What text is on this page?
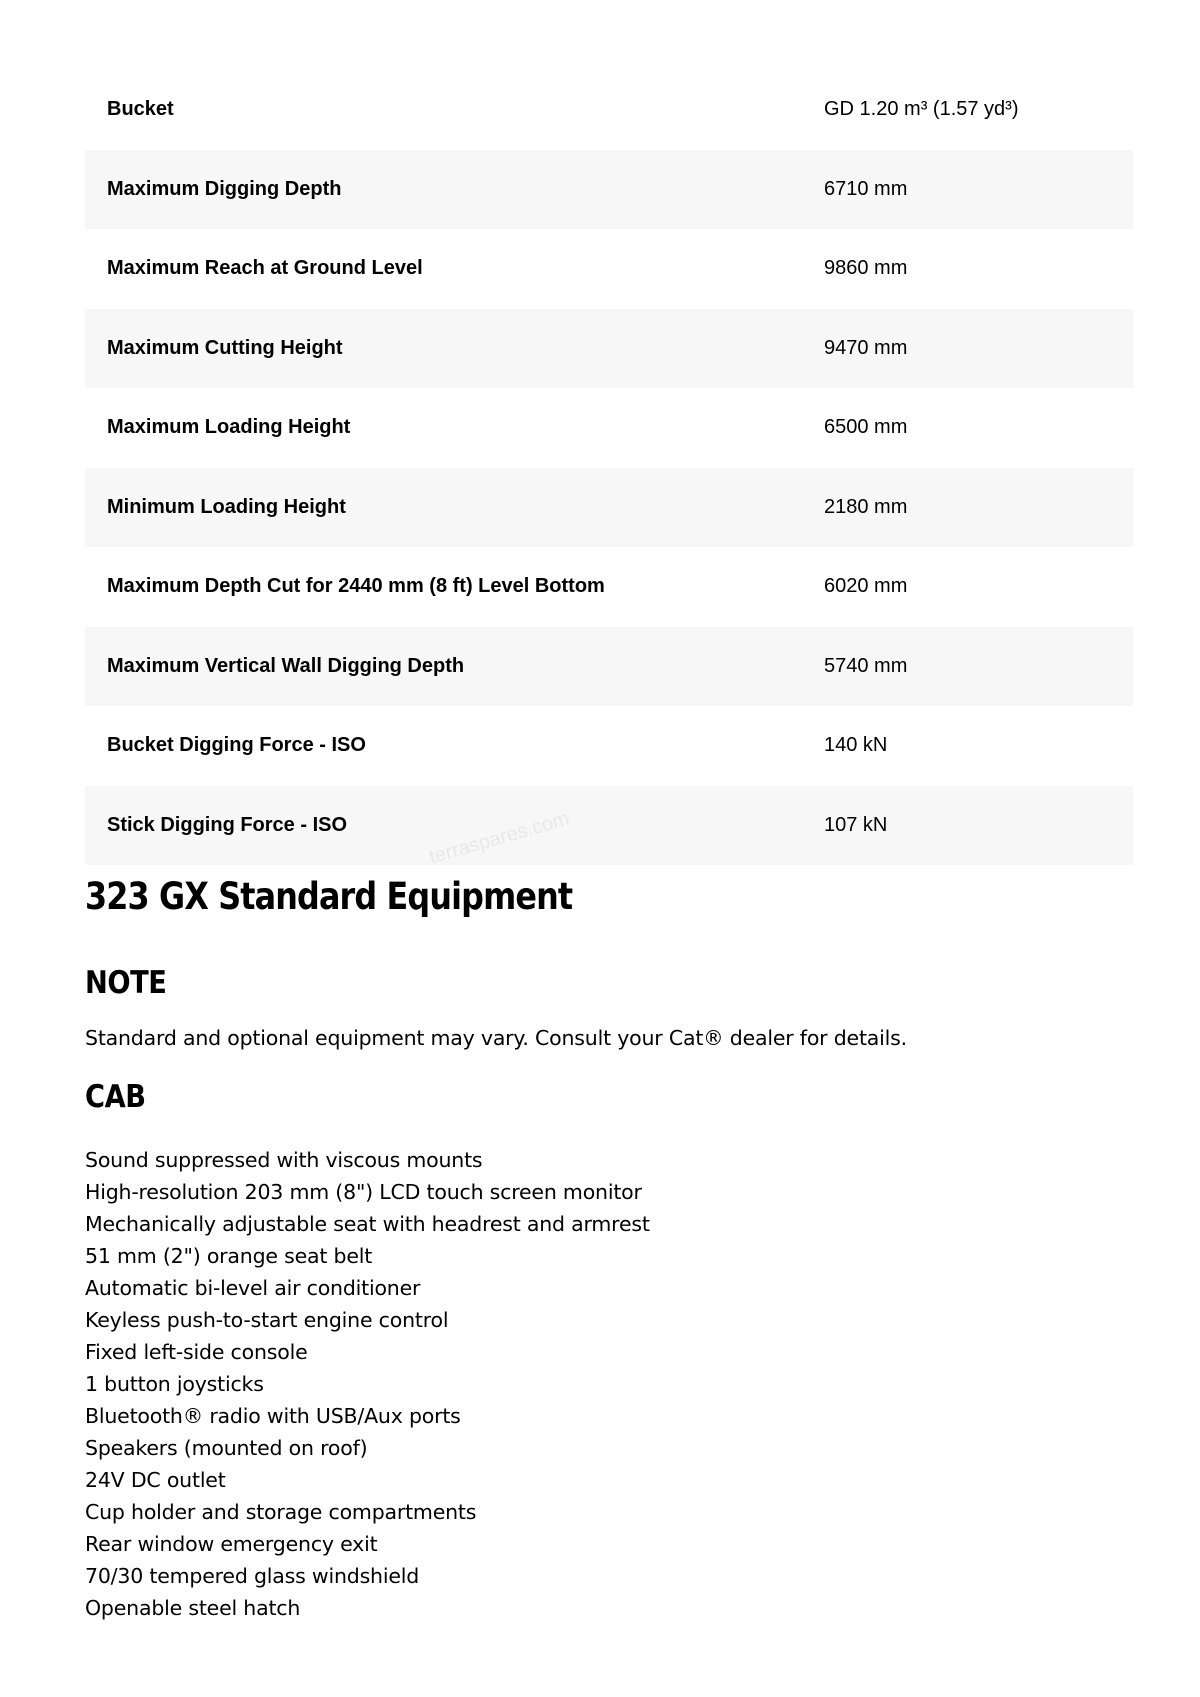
Bucket	GD 1.20 m³ (1.57 yd³)
Maximum Digging Depth	6710 mm
Maximum Reach at Ground Level	9860 mm
Maximum Cutting Height	9470 mm
Maximum Loading Height	6500 mm
Minimum Loading Height	2180 mm
Maximum Depth Cut for 2440 mm (8 ft) Level Bottom	6020 mm
Maximum Vertical Wall Digging Depth	5740 mm
Bucket Digging Force - ISO	140 kN
Stick Digging Force - ISO	107 kN
323 GX Standard Equipment
NOTE

Standard and optional equipment may vary. Consult your Cat® dealer for details.

CAB
Sound suppressed with viscous mounts
High-resolution 203 mm (8") LCD touch screen monitor
Mechanically adjustable seat with headrest and armrest
51 mm (2") orange seat belt
Automatic bi-level air conditioner
Keyless push-to-start engine control
Fixed left-side console
1 button joysticks
Bluetooth® radio with USB/Aux ports
Speakers (mounted on roof)
24V DC outlet
Cup holder and storage compartments
Rear window emergency exit
70/30 tempered glass windshield
Openable steel hatch
terraspares.com
